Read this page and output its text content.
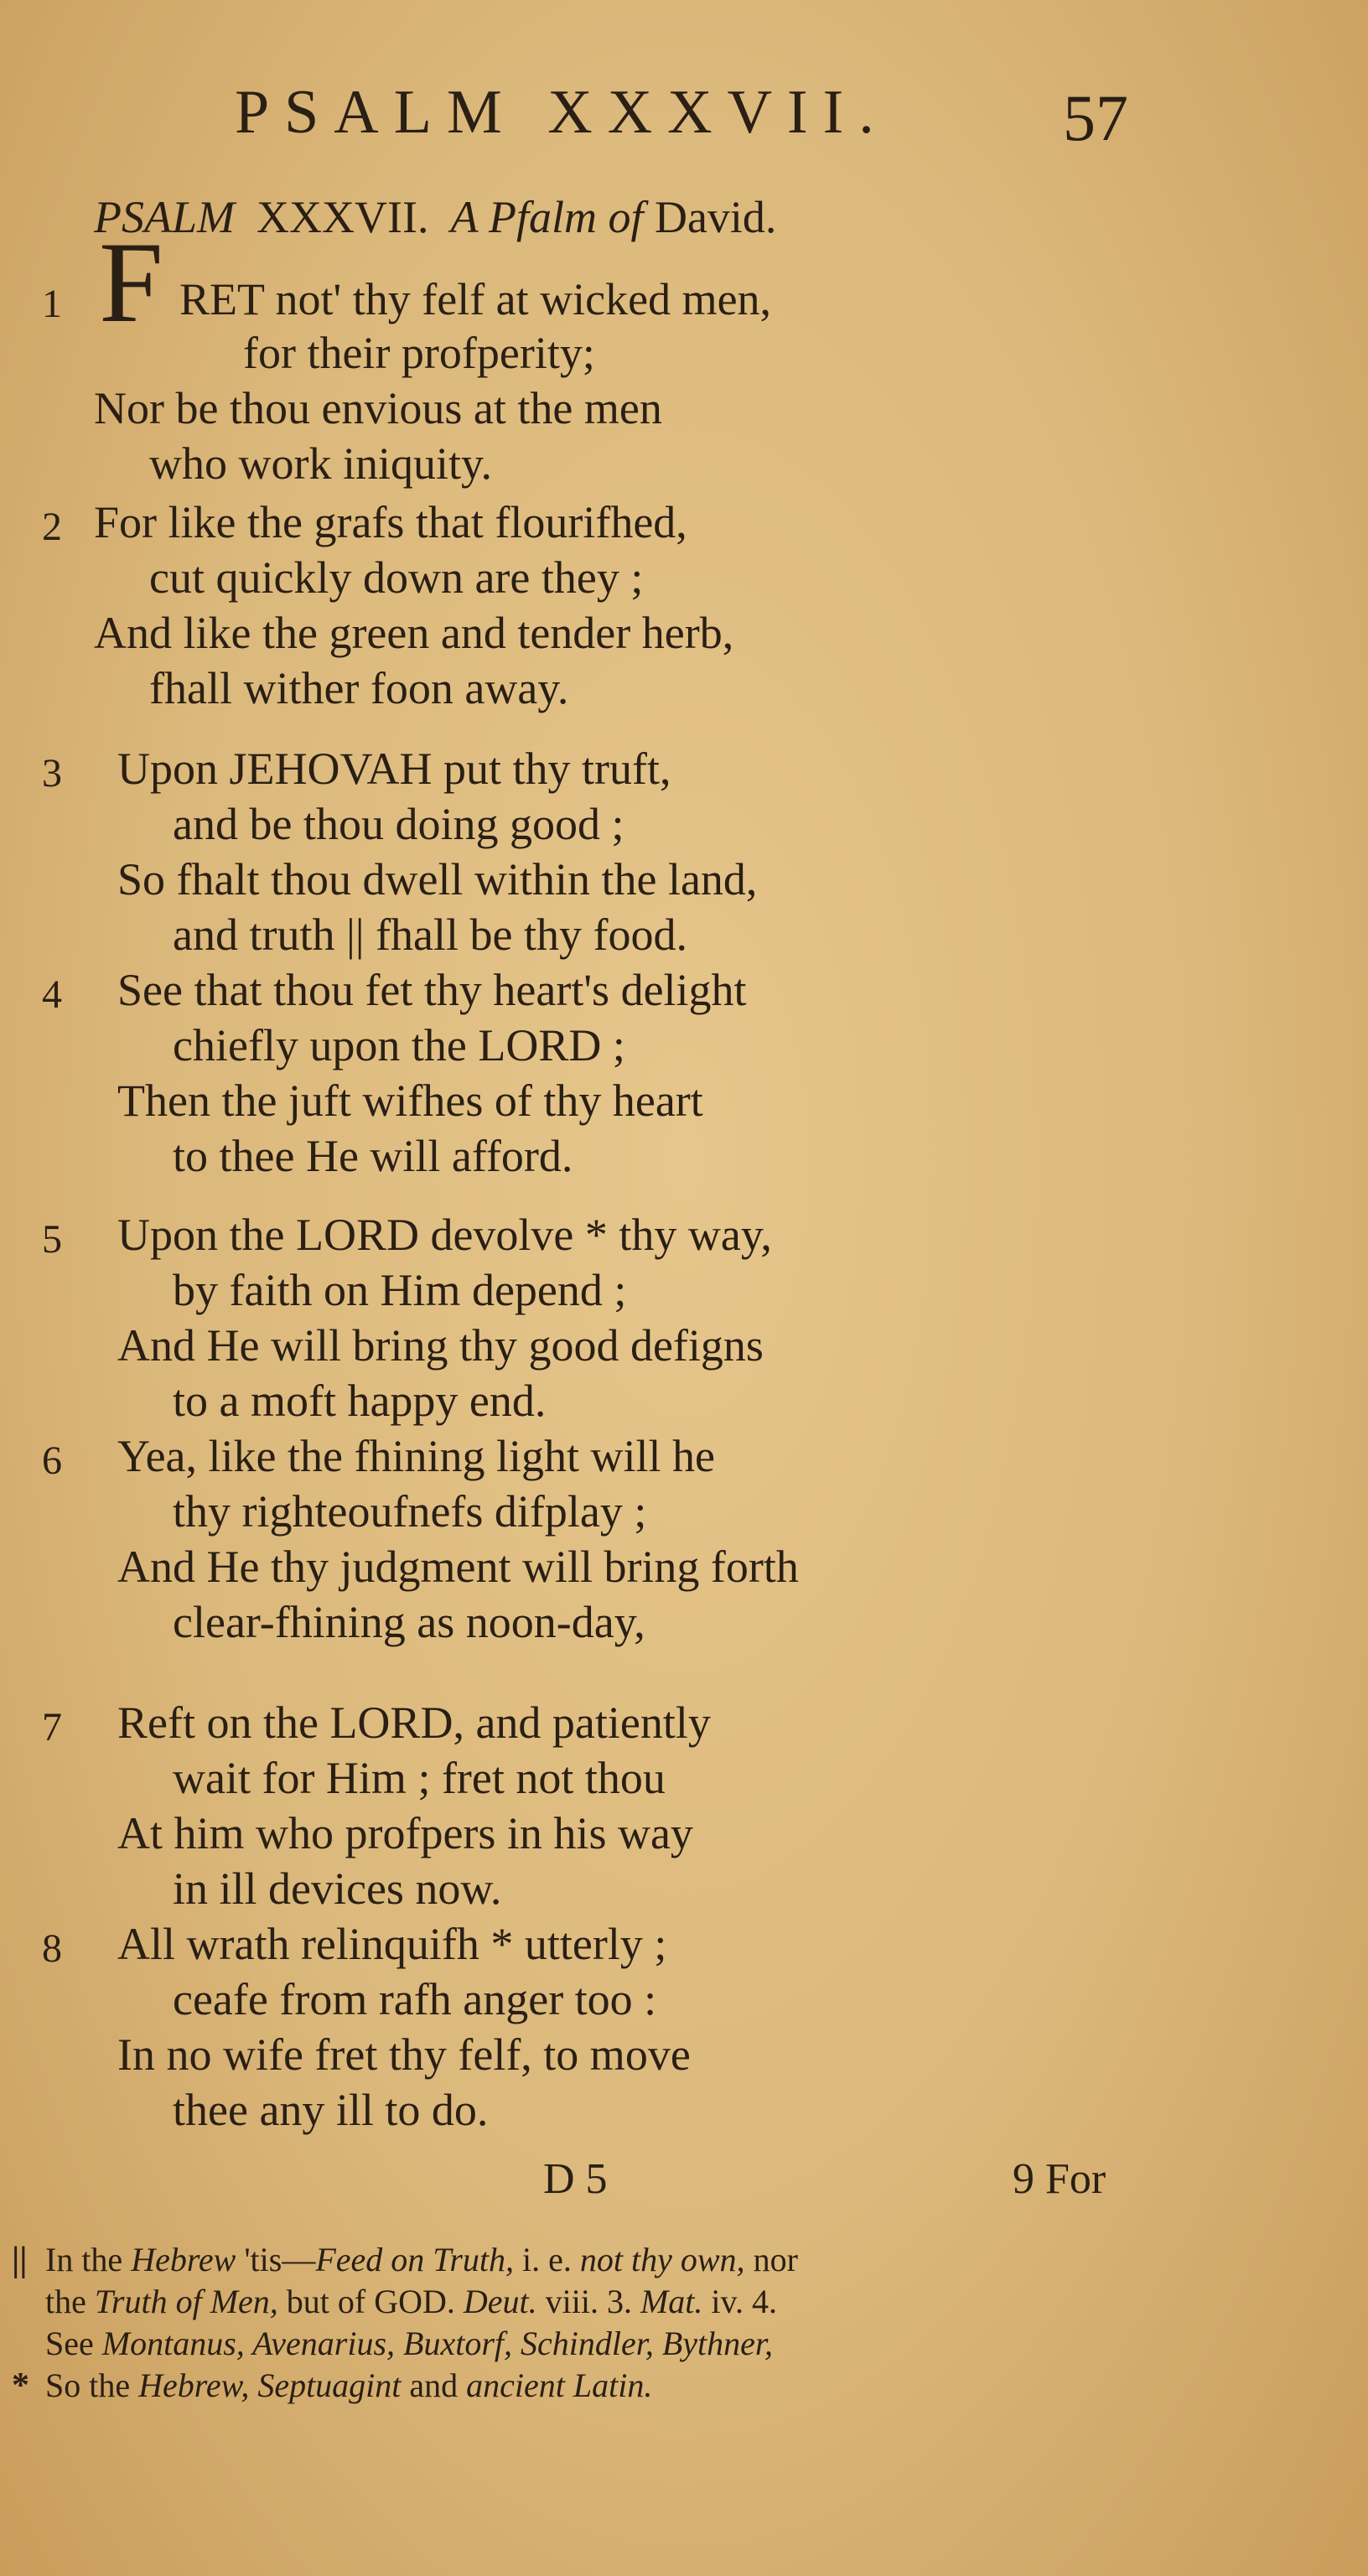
PSALM XXXVII.	57
PSALM XXXVII. A Pfalm of David.
F
1	RET not' thy felf at wicked men,
for their profperity;
Nor be thou envious at the men
who work iniquity.
2 For like the grafs that flourifhed,
cut quickly down are they ;
And like the green and tender herb,
fhall wither foon away.
3 Upon JEHOVAH put thy truft,
and be thou doing good ;
So fhalt thou dwell within the land,
and truth || fhall be thy food.
4 See that thou fet thy heart's delight
chiefly upon the LORD ;
Then the juft wifhes of thy heart
to thee He will afford.
5 Upon the LORD devolve * thy way,
by faith on Him depend ;
And He will bring thy good defigns
to a moft happy end.
6 Yea, like the fhining light will he
thy righteoufnefs difplay ;
And He thy judgment will bring forth
clear-fhining as noon-day,
7 Reft on the LORD, and patiently
wait for Him ; fret not thou
At him who profpers in his way
in ill devices now.
8 All wrath relinquifh * utterly ;
ceafe from rafh anger too :
In no wife fret thy felf, to move
thee any ill to do.
D 5	9 For
|| In the Hebrew 'tis—Feed on Truth, i. e. not thy own, nor
the Truth of Men, but of GOD. Deut. viii. 3. Mat. iv. 4.
See Montanus, Avenarius, Buxtorf, Schindler, Bythner,
* So the Hebrew, Septuagint and ancient Latin.
